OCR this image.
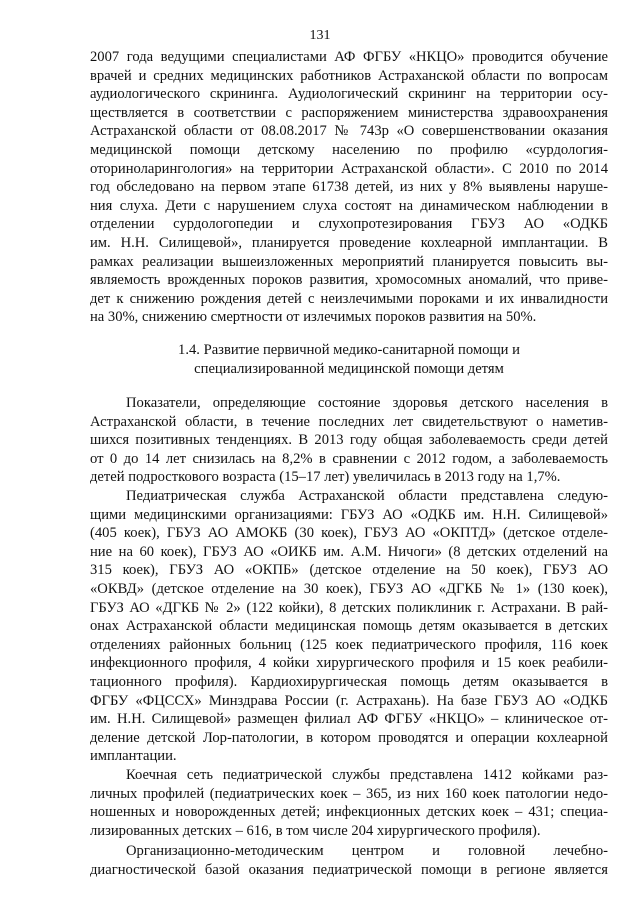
131
2007 года ведущими специалистами АФ ФГБУ «НКЦО» проводится обучение
врачей и средних медицинских работников Астраханской области по вопросам
аудиологического скрининга. Аудиологический скрининг на территории осу-
ществляется в соответствии с распоряжением министерства здравоохранения
Астраханской области от 08.08.2017 № 743р «О совершенствовании оказания
медицинской помощи детскому населению по профилю «сурдология-
оториноларингология» на территории Астраханской области». С 2010 по 2014
год обследовано на первом этапе 61738 детей, из них у 8% выявлены наруше-
ния слуха. Дети с нарушением слуха состоят на динамическом наблюдении в
отделении сурдологопедии и слухопротезирования ГБУЗ АО «ОДКБ
им. Н.Н. Силищевой», планируется проведение кохлеарной имплантации. В
рамках реализации вышеизложенных мероприятий планируется повысить вы-
являемость врожденных пороков развития, хромосомных аномалий, что приве-
дет к снижению рождения детей с неизлечимыми пороками и их инвалидности
на 30%, снижению смертности от излечимых пороков развития на 50%.
1.4. Развитие первичной медико-санитарной помощи и
специализированной медицинской помощи детям
Показатели, определяющие состояние здоровья детского населения в
Астраханской области, в течение последних лет свидетельствуют о наметив-
шихся позитивных тенденциях. В 2013 году общая заболеваемость среди детей
от 0 до 14 лет снизилась на 8,2% в сравнении с 2012 годом, а заболеваемость
детей подросткового возраста (15–17 лет) увеличилась в 2013 году на 1,7%.
Педиатрическая служба Астраханской области представлена следую-
щими медицинскими организациями: ГБУЗ АО «ОДКБ им. Н.Н. Силищевой»
(405 коек), ГБУЗ АО АМОКБ (30 коек), ГБУЗ АО «ОКПТД» (детское отделе-
ние на 60 коек), ГБУЗ АО «ОИКБ им. А.М. Ничоги» (8 детских отделений на
315 коек), ГБУЗ АО «ОКПБ» (детское отделение на 50 коек), ГБУЗ АО
«ОКВД» (детское отделение на 30 коек), ГБУЗ АО «ДГКБ № 1» (130 коек),
ГБУЗ АО «ДГКБ № 2» (122 койки), 8 детских поликлиник г. Астрахани. В рай-
онах Астраханской области медицинская помощь детям оказывается в детских
отделениях районных больниц (125 коек педиатрического профиля, 116 коек
инфекционного профиля, 4 койки хирургического профиля и 15 коек реабили-
тационного профиля). Кардиохирургическая помощь детям оказывается в
ФГБУ «ФЦССХ» Минздрава России (г. Астрахань). На базе ГБУЗ АО «ОДКБ
им. Н.Н. Силищевой» размещен филиал АФ ФГБУ «НКЦО» – клиническое от-
деление детской Лор-патологии, в котором проводятся и операции кохлеарной
имплантации.
Коечная сеть педиатрической службы представлена 1412 койками раз-
личных профилей (педиатрических коек – 365, из них 160 коек патологии недо-
ношенных и новорожденных детей; инфекционных детских коек – 431; специа-
лизированных детских – 616, в том числе 204 хирургического профиля).
Организационно-методическим центром и головной лечебно-
диагностической базой оказания педиатрической помощи в регионе является
